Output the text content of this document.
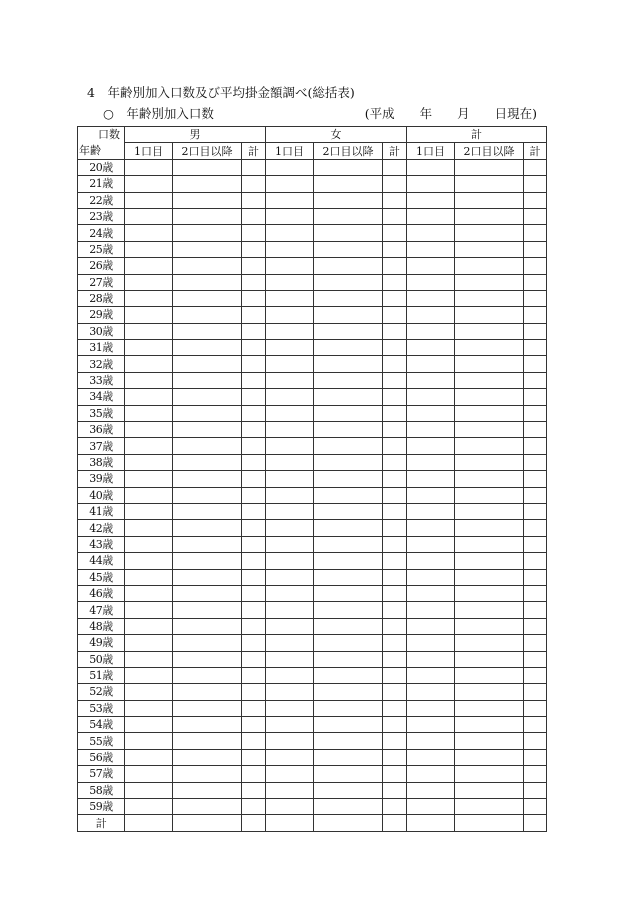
4　年齢別加入口数及び平均掛金額調べ(総括表)
○　年齢別加入口数	(平成　　年　　月　　日現在)
口数	男			女			計		
年齢	1口目	2口目以降	計	1口目	2口目以降	計	1口目	2口目以降	計
20歳									
21歳									
22歳									
23歳									
24歳									
25歳									
26歳									
27歳									
28歳									
29歳									
30歳									
31歳									
32歳									
33歳									
34歳									
35歳									
36歳									
37歳									
38歳									
39歳									
40歳									
41歳									
42歳									
43歳									
44歳									
45歳									
46歳									
47歳									
48歳									
49歳									
50歳									
51歳									
52歳									
53歳									
54歳									
55歳									
56歳									
57歳									
58歳									
59歳									
計									
